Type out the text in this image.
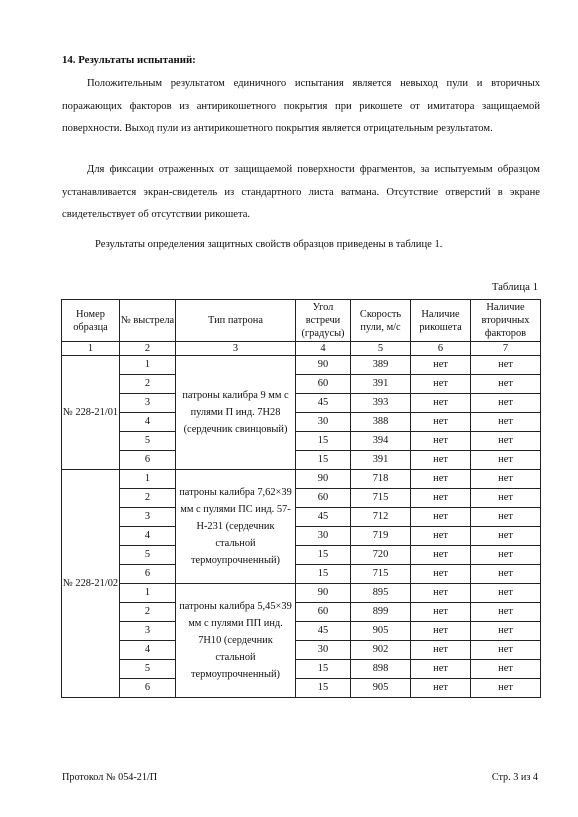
14. Результаты испытаний:

Положительным результатом единичного испытания является невыход пули и вторичных поражающих факторов из антирикошетного покрытия при рикошете от имитатора защищаемой поверхности. Выход пули из антирикошетного покрытия является отрицательным результатом.

Для фиксации отраженных от защищаемой поверхности фрагментов, за испытуемым образцом устанавливается экран-свидетель из стандартного листа ватмана. Отсутствие отверстий в экране свидетельствует об отсутствии рикошета.

Результаты определения защитных свойств образцов приведены в таблице 1.

Таблица 1
Номер образца	№ выстрела	Тип патрона	Угол встречи (градусы)	Скорость пули, м/с	Наличие рикошета	Наличие вторичных факторов
1	2	3	4	5	6	7
№ 228-21/01	1	патроны калибра 9 мм с пулями П инд. 7Н28 (сердечник свинцовый)	90	389	нет	нет
	2		60	391	нет	нет
	3		45	393	нет	нет
	4		30	388	нет	нет
	5		15	394	нет	нет
	6		15	391	нет	нет
№ 228-21/02	1	патроны калибра 7,62×39 мм с пулями ПС инд. 57-Н-231 (сердечник стальной термоупрочненный)	90	718	нет	нет
	2		60	715	нет	нет
	3		45	712	нет	нет
	4		30	719	нет	нет
	5		15	720	нет	нет
	6		15	715	нет	нет
	1	патроны калибра 5,45×39 мм с пулями ПП инд. 7Н10 (сердечник стальной термоупрочненный)	90	895	нет	нет
	2		60	899	нет	нет
	3		45	905	нет	нет
	4		30	902	нет	нет
	5		15	898	нет	нет
	6		15	905	нет	нет
Протокол № 054-21/П	Стр. 3 из 4
